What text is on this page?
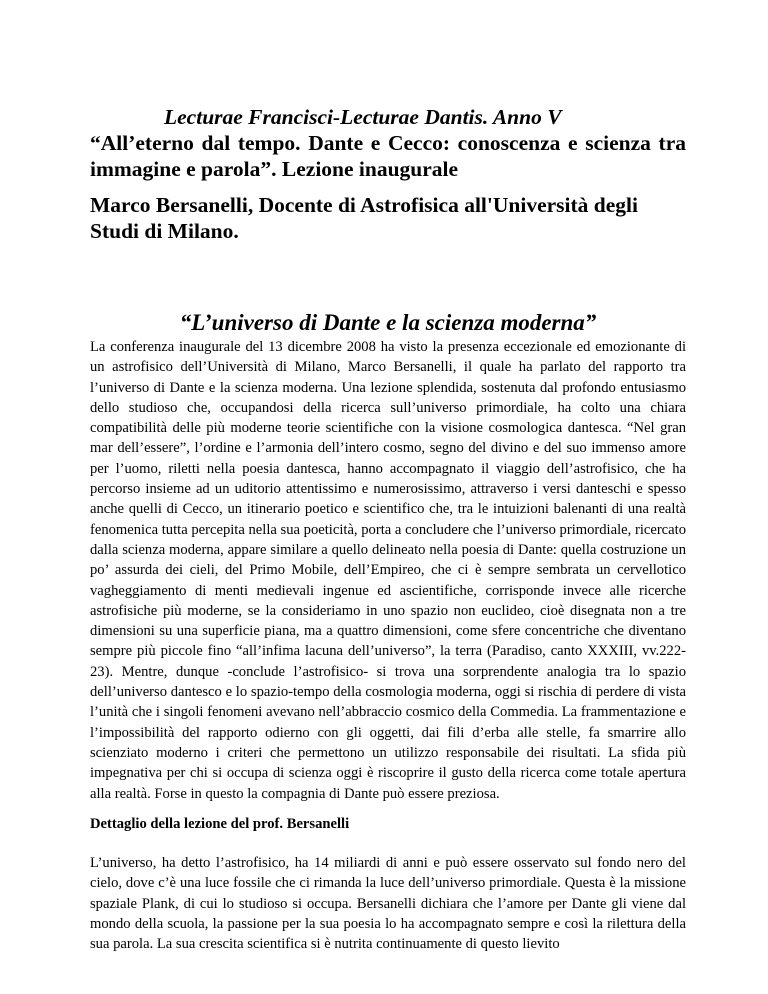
Lecturae Francisci-Lecturae Dantis. Anno V

“All’eterno dal tempo. Dante e Cecco: conoscenza e scienza tra immagine e parola”. Lezione inaugurale

Marco Bersanelli, Docente di Astrofisica all'Università degli Studi di Milano.

“L’universo di Dante e la scienza moderna”

La conferenza inaugurale del 13 dicembre 2008 ha visto la presenza eccezionale ed emozionante di un astrofisico dell’Università di Milano, Marco Bersanelli, il quale ha parlato del rapporto tra l’universo di Dante e la scienza moderna. Una lezione splendida, sostenuta dal profondo entusiasmo dello studioso che, occupandosi della ricerca sull’universo primordiale, ha colto una chiara compatibilità delle più moderne teorie scientifiche con la visione cosmologica dantesca. “Nel gran mar dell’essere”, l’ordine e l’armonia dell’intero cosmo, segno del divino e del suo immenso amore per l’uomo, riletti nella poesia dantesca, hanno accompagnato il viaggio dell’astrofisico, che ha percorso insieme ad un uditorio attentissimo e numerosissimo, attraverso i versi danteschi e spesso anche quelli di Cecco, un itinerario poetico e scientifico che, tra le intuizioni balenanti di una realtà fenomenica tutta percepita nella sua poeticità, porta a concludere che l’universo primordiale, ricercato dalla scienza moderna, appare similare a quello delineato nella poesia di Dante: quella costruzione un po’ assurda dei cieli, del Primo Mobile, dell’Empireo, che ci è sempre sembrata un cervellotico vagheggiamento di menti medievali ingenue ed ascientifiche, corrisponde invece alle ricerche astrofisiche più moderne, se la consideriamo in uno spazio non euclideo, cioè disegnata non a tre dimensioni su una superficie piana, ma a quattro dimensioni, come sfere concentriche che diventano sempre più piccole fino “all’infima lacuna dell’universo”, la terra (Paradiso, canto XXXIII, vv.222-23). Mentre, dunque -conclude l’astrofisico- si trova una sorprendente analogia tra lo spazio dell’universo dantesco e lo spazio-tempo della cosmologia moderna, oggi si rischia di perdere di vista l’unità che i singoli fenomeni avevano nell’abbraccio cosmico della Commedia. La frammentazione e l’impossibilità del rapporto odierno con gli oggetti, dai fili d’erba alle stelle, fa smarrire allo scienziato moderno i criteri che permettono un utilizzo responsabile dei risultati. La sfida più impegnativa per chi si occupa di scienza oggi è riscoprire il gusto della ricerca come totale apertura alla realtà. Forse in questo la compagnia di Dante può essere preziosa.

Dettaglio della lezione del prof. Bersanelli

L’universo, ha detto l’astrofisico, ha 14 miliardi di anni e può essere osservato sul fondo nero del cielo, dove c’è una luce fossile che ci rimanda la luce dell’universo primordiale. Questa è la missione spaziale Plank, di cui lo studioso si occupa. Bersanelli dichiara che l’amore per Dante gli viene dal mondo della scuola, la passione per la sua poesia lo ha accompagnato sempre e così la rilettura della sua parola. La sua crescita scientifica si è nutrita continuamente di questo lievito
